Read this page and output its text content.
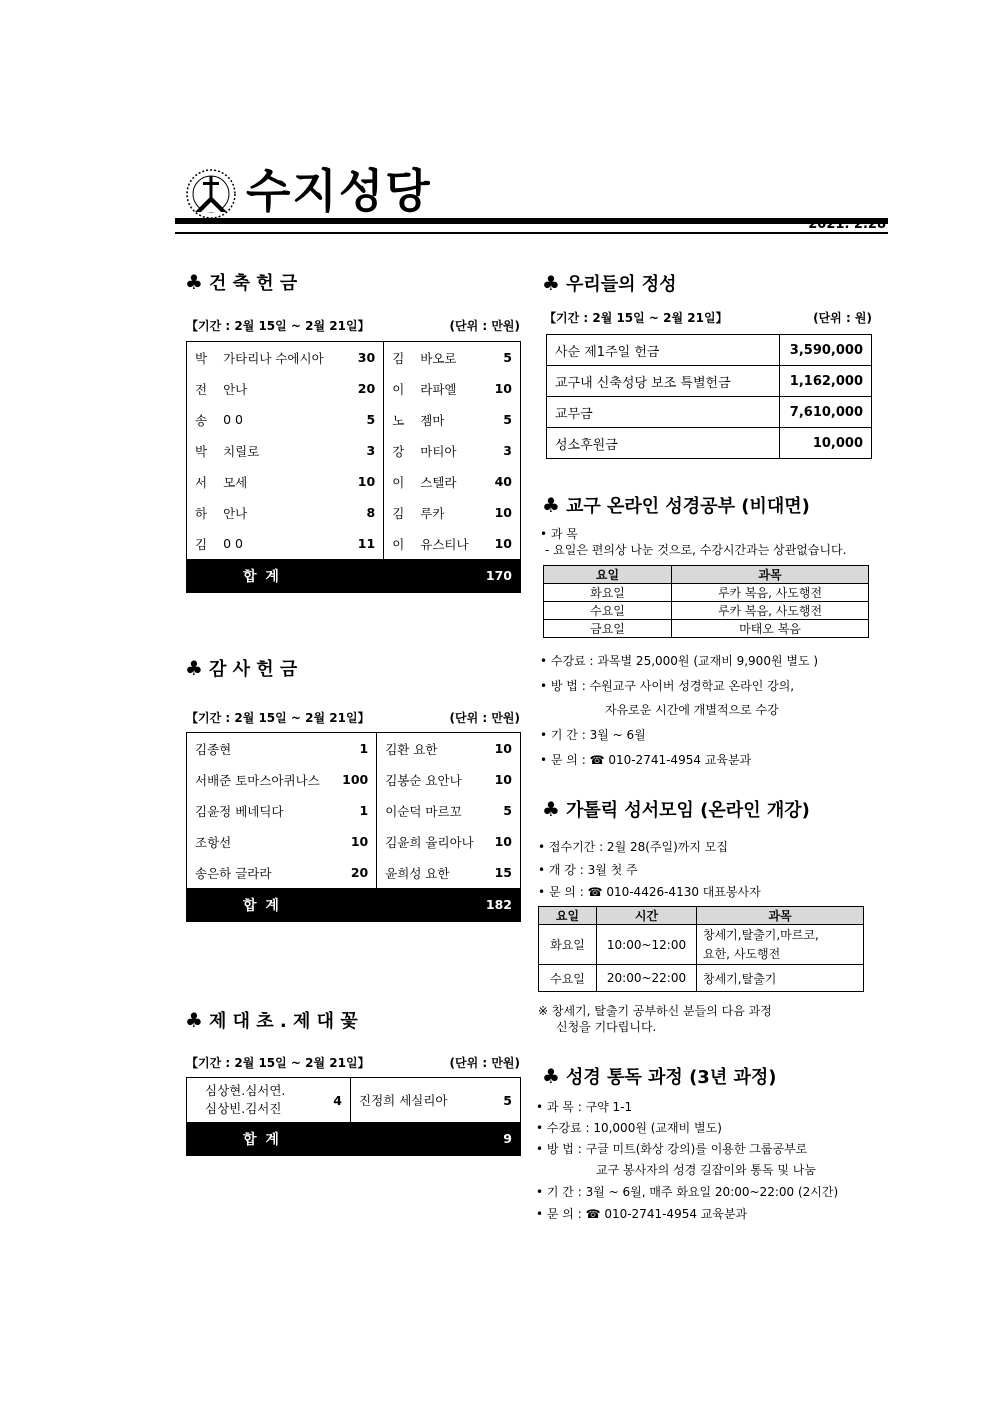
수지성당
2021. 2.28
♣ 건 축 헌 금
【기간 : 2월 15일 ~ 2월 21일】	(단위 : 만원)
박	가타리나 수에시아	30	김	바오로	5
전	안나	20	이	라파엘	10
송	0 0	5	노	젬마	5
박	치릴로	3	강	마티아	3
서	모세	10	이	스텔라	40
하	안나	8	김	루카	10
김	0 0	11	이	유스티나	10
합 계			170		
♣ 감 사 헌 금
【기간 : 2월 15일 ~ 2월 21일】	(단위 : 만원)
김종현	1	김환 요한	10
서배준 토마스아퀴나스	100	김봉순 요안나	10
김윤정 베네딕다	1	이순덕 마르꼬	5
조항선	10	김윤희 율리아나	10
송은하 글라라	20	윤희성 요한	15
합 계		182	
♣ 제 대 초 . 제 대 꽃
【기간 : 2월 15일 ~ 2월 21일】	(단위 : 만원)
심상현.심서연.
심상빈.김서진	4	진정희 세실리아	5
합 계		9	
♣ 우리들의 정성
【기간 : 2월 15일 ~ 2월 21일】	(단위 : 원)
사순 제1주일 헌금	3,590,000
교구내 신축성당 보조 특별헌금	1,162,000
교무금	7,610,000
성소후원금	10,000
♣ 교구 온라인 성경공부 (비대면)
• 과 목
- 요일은 편의상 나눈 것으로, 수강시간과는 상관없습니다.
요일	과목
화요일	루카 복음, 사도행전
수요일	루카 복음, 사도행전
금요일	마태오 복음
• 수강료 : 과목별 25,000원 (교재비 9,900원 별도 )
• 방 법 : 수원교구 사이버 성경학교 온라인 강의,
자유로운 시간에 개별적으로 수강
• 기 간 : 3월 ~ 6월
• 문 의 : ☎ 010-2741-4954 교육분과
♣ 가톨릭 성서모임 (온라인 개강)
• 접수기간 : 2월 28(주일)까지 모집
• 개 강 : 3월 첫 주
• 문 의 : ☎ 010-4426-4130 대표봉사자
요일	시간	과목
화요일	10:00~12:00	창세기,탈출기,마르코,
요한, 사도행전

수요일	20:00~22:00	창세기,탈출기
※ 창세기, 탈출기 공부하신 분들의 다음 과정
신청을 기다립니다.
♣ 성경 통독 과정 (3년 과정)
• 과 목 : 구약 1-1
• 수강료 : 10,000원 (교재비 별도)
• 방 법 : 구글 미트(화상 강의)를 이용한 그룹공부로
교구 봉사자의 성경 길잡이와 통독 및 나눔
• 기 간 : 3월 ~ 6월, 매주 화요일 20:00~22:00 (2시간)
• 문 의 : ☎ 010-2741-4954 교육분과
